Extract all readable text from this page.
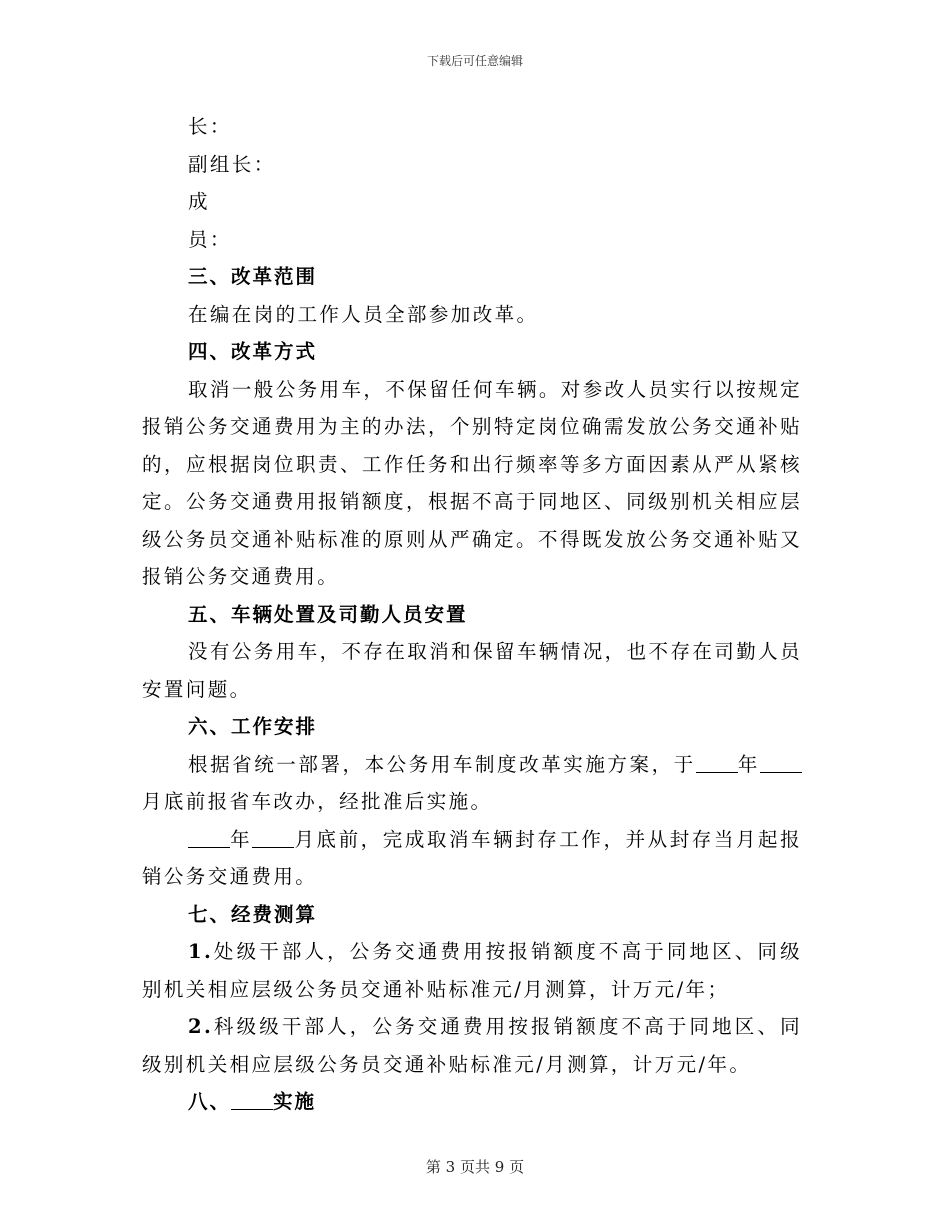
下载后可任意编辑
长：
副组长：
成
员：
三、改革范围
在编在岗的工作人员全部参加改革。
四、改革方式
取消一般公务用车，不保留任何车辆。对参改人员实行以按规定报销公务交通费用为主的办法，个别特定岗位确需发放公务交通补贴的，应根据岗位职责、工作任务和出行频率等多方面因素从严从紧核定。公务交通费用报销额度，根据不高于同地区、同级别机关相应层级公务员交通补贴标准的原则从严确定。不得既发放公务交通补贴又报销公务交通费用。
五、车辆处置及司勤人员安置
没有公务用车，不存在取消和保留车辆情况，也不存在司勤人员安置问题。
六、工作安排
根据省统一部署，本公务用车制度改革实施方案，于 年月底前报省车改办，经批准后实施。
年 月底前，完成取消车辆封存工作，并从封存当月起报销公务交通费用。
七、经费测算
1.处级干部人，公务交通费用按报销额度不高于同地区、同级别机关相应层级公务员交通补贴标准元/月测算，计万元/年；
2.科级级干部人，公务交通费用按报销额度不高于同地区、同级别机关相应层级公务员交通补贴标准元/月测算，计万元/年。
八、 实施
第 3 页共 9 页
